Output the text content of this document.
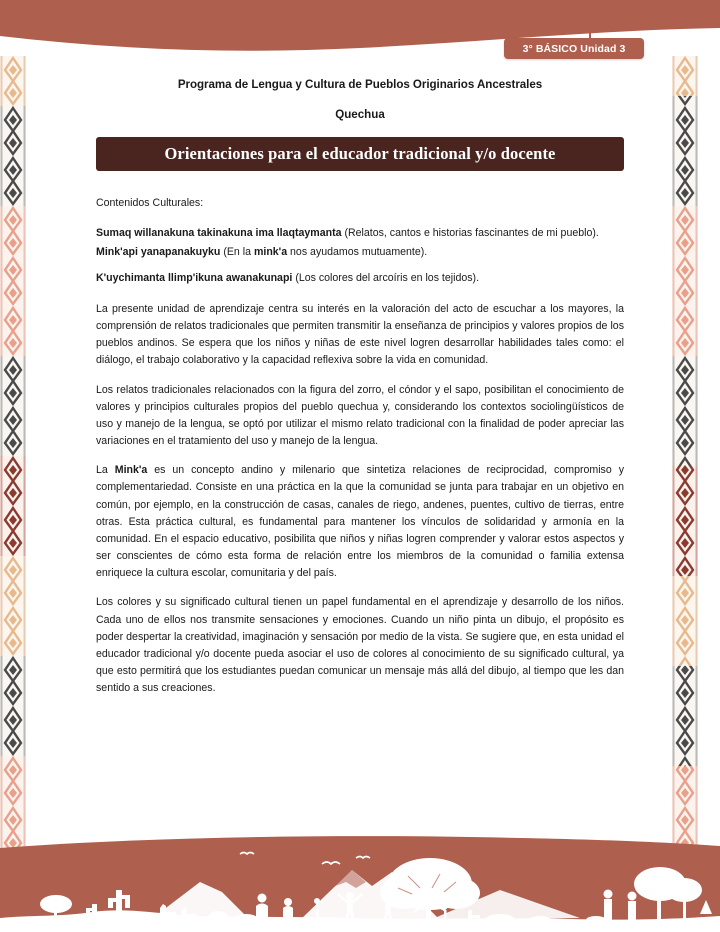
3° BÁSICO Unidad 3
Programa de Lengua y Cultura de Pueblos Originarios Ancestrales
Quechua
Orientaciones para el educador tradicional y/o docente
Contenidos Culturales:
Sumaq willanakuna takinakuna ima llaqtaymanta (Relatos, cantos e historias fascinantes de mi pueblo).
Mink'api yanapanakuyku (En la mink'a nos ayudamos mutuamente).
K'uychimanta llimp'ikuna awanakunapi (Los colores del arcoíris en los tejidos).

La presente unidad de aprendizaje centra su interés en la valoración del acto de escuchar a los mayores, la comprensión de relatos tradicionales que permiten transmitir la enseñanza de principios y valores propios de los pueblos andinos. Se espera que los niños y niñas de este nivel logren desarrollar habilidades tales como: el diálogo, el trabajo colaborativo y la capacidad reflexiva sobre la vida en comunidad.

Los relatos tradicionales relacionados con la figura del zorro, el cóndor y el sapo, posibilitan el conocimiento de valores y principios culturales propios del pueblo quechua y, considerando los contextos sociolingüísticos de uso y manejo de la lengua, se optó por utilizar el mismo relato tradicional con la finalidad de poder apreciar las variaciones en el tratamiento del uso y manejo de la lengua.

La Mink'a es un concepto andino y milenario que sintetiza relaciones de reciprocidad, compromiso y complementariedad. Consiste en una práctica en la que la comunidad se junta para trabajar en un objetivo en común, por ejemplo, en la construcción de casas, canales de riego, andenes, puentes, cultivo de tierras, entre otras. Esta práctica cultural, es fundamental para mantener los vínculos de solidaridad y armonía en la comunidad. En el espacio educativo, posibilita que niños y niñas logren comprender y valorar estos aspectos y ser conscientes de cómo esta forma de relación entre los miembros de la comunidad o familia extensa enriquece la cultura escolar, comunitaria y del país.

Los colores y su significado cultural tienen un papel fundamental en el aprendizaje y desarrollo de los niños. Cada uno de ellos nos transmite sensaciones y emociones. Cuando un niño pinta un dibujo, el propósito es poder despertar la creatividad, imaginación y sensación por medio de la vista. Se sugiere que, en esta unidad el educador tradicional y/o docente pueda asociar el uso de colores al conocimiento de su significado cultural, ya que esto permitirá que los estudiantes puedan comunicar un mensaje más allá del dibujo, al tiempo que les dan sentido a sus creaciones.
